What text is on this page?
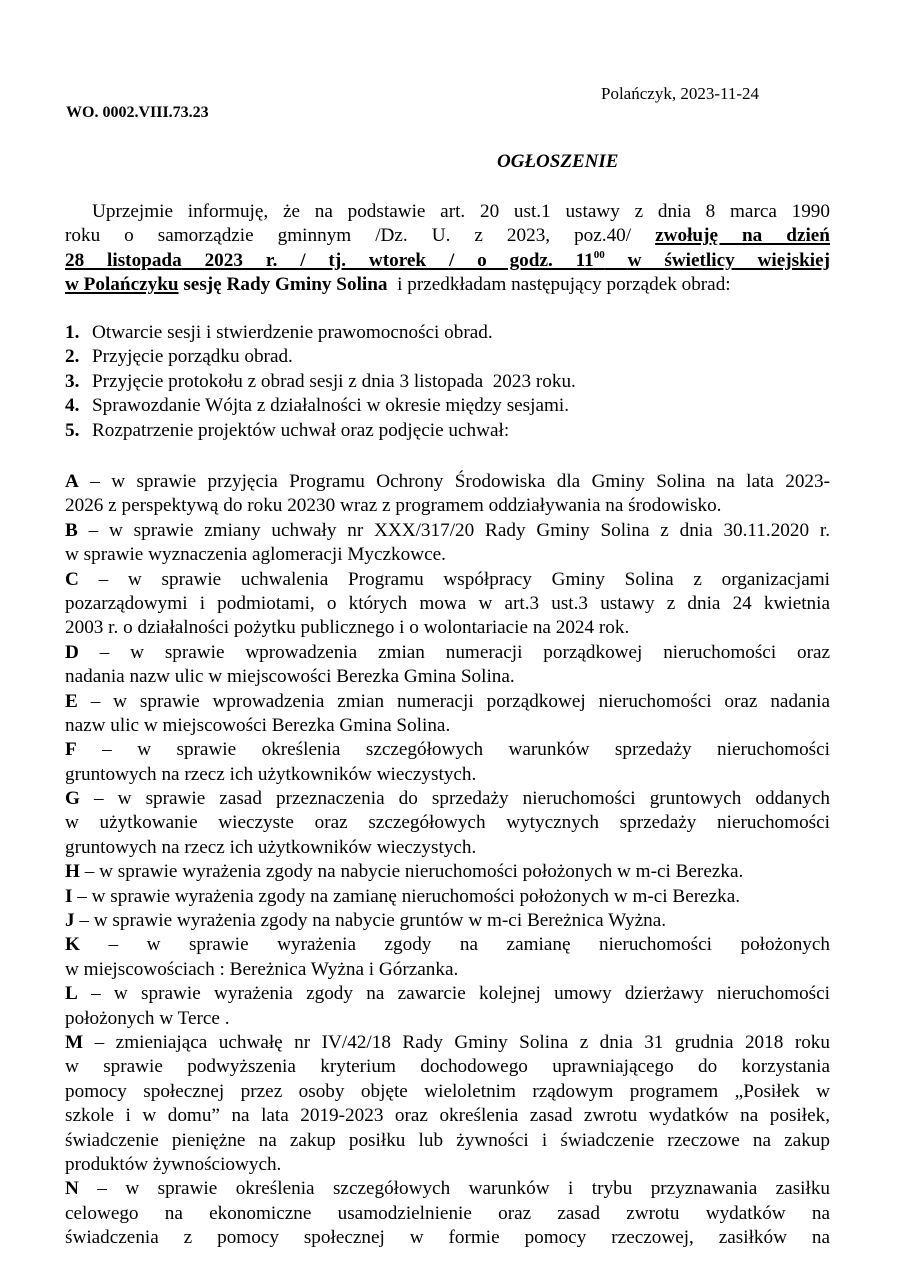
Polańczyk, 2023-11-24
WO. 0002.VIII.73.23
OGŁOSZENIE
Uprzejmie informuję, że na podstawie art. 20 ust.1 ustawy z dnia 8 marca 1990
roku o samorządzie gminnym /Dz. U. z 2023, poz.40/ zwołuję na dzień
28 listopada 2023 r. / tj. wtorek / o godz. $11^{00}$ w świetlicy wiejskiej
w Polańczyku sesję Rady Gminy Solina i przedkładam następujący porządek obrad:
1. Otwarcie sesji i stwierdzenie prawomocności obrad.
2. Przyjęcie porządku obrad.
3. Przyjęcie protokołu z obrad sesji z dnia 3 listopada  2023 roku.
4. Sprawozdanie Wójta z działalności w okresie między sesjami.
5. Rozpatrzenie projektów uchwał oraz podjęcie uchwał:
A – w sprawie przyjęcia Programu Ochrony Środowiska dla Gminy Solina na lata 2023-
2026 z perspektywą do roku 20230 wraz z programem oddziaływania na środowisko.
B – w sprawie zmiany uchwały nr XXX/317/20 Rady Gminy Solina z dnia 30.11.2020 r.
w sprawie wyznaczenia aglomeracji Myczkowce.
C – w sprawie uchwalenia Programu współpracy Gminy Solina z organizacjami
pozarządowymi i podmiotami, o których mowa w art.3 ust.3 ustawy z dnia 24 kwietnia
2003 r. o działalności pożytku publicznego i o wolontariacie na 2024 rok.
D – w sprawie wprowadzenia zmian numeracji porządkowej nieruchomości oraz
nadania nazw ulic w miejscowości Berezka Gmina Solina.
E – w sprawie wprowadzenia zmian numeracji porządkowej nieruchomości oraz nadania
nazw ulic w miejscowości Berezka Gmina Solina.
F – w sprawie określenia szczegółowych warunków sprzedaży nieruchomości
gruntowych na rzecz ich użytkowników wieczystych.
G – w sprawie zasad przeznaczenia do sprzedaży nieruchomości gruntowych oddanych
w użytkowanie wieczyste oraz szczegółowych wytycznych sprzedaży nieruchomości
gruntowych na rzecz ich użytkowników wieczystych.
H – w sprawie wyrażenia zgody na nabycie nieruchomości położonych w m-ci Berezka.
I – w sprawie wyrażenia zgody na zamianę nieruchomości położonych w m-ci Berezka.
J – w sprawie wyrażenia zgody na nabycie gruntów w m-ci Bereżnica Wyżna.
K – w sprawie wyrażenia zgody na zamianę nieruchomości położonych
w miejscowościach : Bereżnica Wyżna i Górzanka.
L – w sprawie wyrażenia zgody na zawarcie kolejnej umowy dzierżawy nieruchomości
położonych w Terce .
M – zmieniająca uchwałę nr IV/42/18 Rady Gminy Solina z dnia 31 grudnia 2018 roku
w sprawie podwyższenia kryterium dochodowego uprawniającego do korzystania
pomocy społecznej przez osoby objęte wieloletnim rządowym programem „Posiłek w
szkole i w domu” na lata 2019-2023 oraz określenia zasad zwrotu wydatków na posiłek,
świadczenie pieniężne na zakup posiłku lub żywności i świadczenie rzeczowe na zakup
produktów żywnościowych.
N – w sprawie określenia szczegółowych warunków i trybu przyznawania zasiłku
celowego na ekonomiczne usamodzielnienie oraz zasad zwrotu wydatków na
świadczenia z pomocy społecznej w formie pomocy rzeczowej, zasiłków na
